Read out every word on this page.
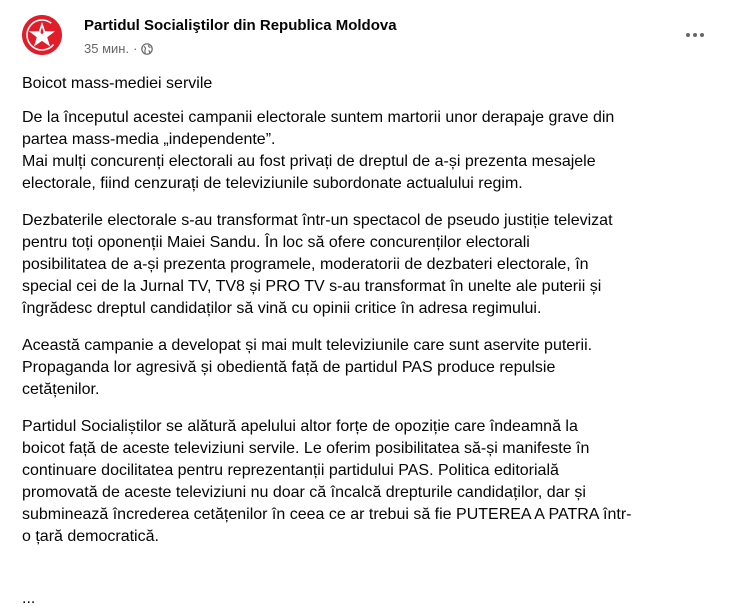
Partidul Socialiştilor din Republica Moldova
35 мин. ·

Boicot mass-mediei servile

De la începutul acestei campanii electorale suntem martorii unor derapaje grave din
partea mass-media „independente”.
Mai mulți concurenți electorali au fost privați de dreptul de a-și prezenta mesajele
electorale, fiind cenzurați de televiziunile subordonate actualului regim.

Dezbaterile electorale s-au transformat într-un spectacol de pseudo justiție televizat
pentru toți oponenții Maiei Sandu. În loc să ofere concurenților electorali
posibilitatea de a-și prezenta programele, moderatorii de dezbateri electorale, în
special cei de la Jurnal TV, TV8 și PRO TV s-au transformat în unelte ale puterii și
îngrădesc dreptul candidaților să vină cu opinii critice în adresa regimului.

Această campanie a developat și mai mult televiziunile care sunt aservite puterii.
Propaganda lor agresivă și obedientă față de partidul PAS produce repulsie
cetățenilor.

Partidul Socialiștilor se alătură apelului altor forțe de opoziție care îndeamnă la
boicot față de aceste televiziuni servile. Le oferim posibilitatea să-și manifeste în
continuare docilitatea pentru reprezentanții partidului PAS. Politica editorială
promovată de aceste televiziuni nu doar că încalcă drepturile candidaților, dar și
subminează încrederea cetățenilor în ceea ce ar trebui să fie PUTEREA A PATRA într-
o țară democratică.

...
